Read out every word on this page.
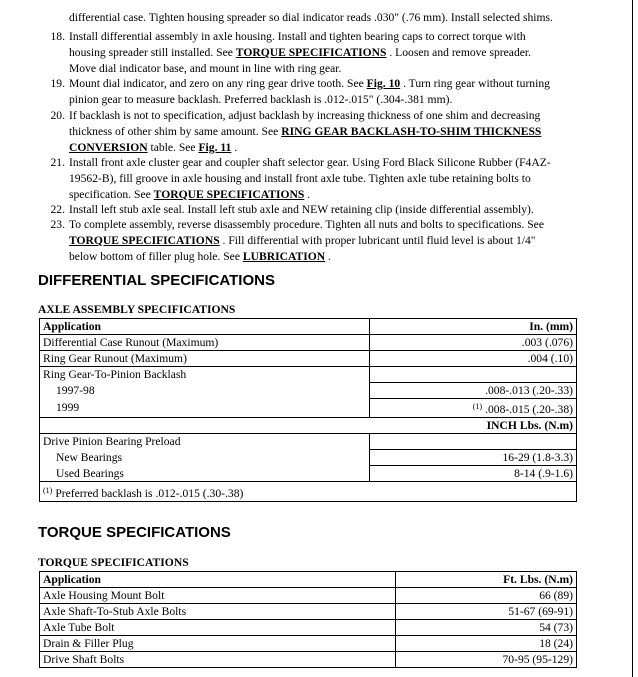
differential case. Tighten housing spreader so dial indicator reads .030" (.76 mm). Install selected shims.
18. Install differential assembly in axle housing. Install and tighten bearing caps to correct torque with
housing spreader still installed. See TORQUE SPECIFICATIONS . Loosen and remove spreader.
Move dial indicator base, and mount in line with ring gear.
19. Mount dial indicator, and zero on any ring gear drive tooth. See Fig. 10 . Turn ring gear without turning
pinion gear to measure backlash. Preferred backlash is .012-.015" (.304-.381 mm).
20. If backlash is not to specification, adjust backlash by increasing thickness of one shim and decreasing
thickness of other shim by same amount. See RING GEAR BACKLASH-TO-SHIM THICKNESS
CONVERSION table. See Fig. 11 .
21. Install front axle cluster gear and coupler shaft selector gear. Using Ford Black Silicone Rubber (F4AZ-
19562-B), fill groove in axle housing and install front axle tube. Tighten axle tube retaining bolts to
specification. See TORQUE SPECIFICATIONS .
22. Install left stub axle seal. Install left stub axle and NEW retaining clip (inside differential assembly).
23. To complete assembly, reverse disassembly procedure. Tighten all nuts and bolts to specifications. See
TORQUE SPECIFICATIONS . Fill differential with proper lubricant until fluid level is about 1/4"
below bottom of filler plug hole. See LUBRICATION .
DIFFERENTIAL SPECIFICATIONS
AXLE ASSEMBLY SPECIFICATIONS
Application	In. (mm)
Differential Case Runout (Maximum)	.003 (.076)
Ring Gear Runout (Maximum)	.004 (.10)
Ring Gear-To-Pinion Backlash	
1997-98	.008-.013 (.20-.33)
1999	$^{(1)}$ .008-.015 (.20-.38)
	INCH Lbs. (N.m)
Drive Pinion Bearing Preload	
New Bearings	16-29 (1.8-3.3)
Used Bearings	8-14 (.9-1.6)
$^{(1)}$ Preferred backlash is .012-.015 (.30-.38)	
TORQUE SPECIFICATIONS
TORQUE SPECIFICATIONS
Application	Ft. Lbs. (N.m)
Axle Housing Mount Bolt	66 (89)
Axle Shaft-To-Stub Axle Bolts	51-67 (69-91)
Axle Tube Bolt	54 (73)
Drain & Filler Plug	18 (24)
Drive Shaft Bolts	70-95 (95-129)
